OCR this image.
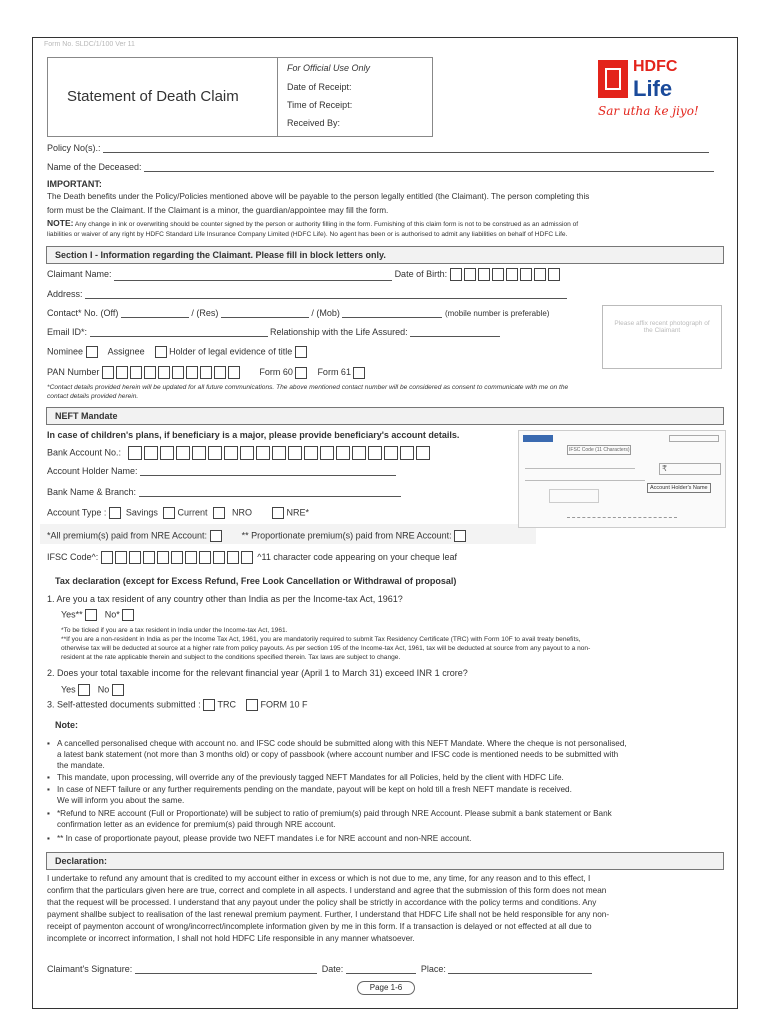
Form No. SLDC/1/100 Ver 11
Statement of Death Claim
For Official Use Only
Date of Receipt:
Time of Receipt:
Received By:
HDFC
Life
Sar utha ke jiyo!
Policy No(s).:
Name of the Deceased:
IMPORTANT:
The Death benefits under the Policy/Policies mentioned above will be payable to the person legally entitled (the Claimant). The person completing this
form must be the Claimant. If the Claimant is a minor, the guardian/appointee may fill the form.
NOTE: Any change in ink or overwriting should be counter signed by the person or authority filling in the form. Furnishing of this claim form is not to be construed as an admission of
liabilities or waiver of any right by HDFC Standard Life Insurance Company Limited (HDFC Life). No agent has been or is authorised to admit any liabilities on behalf of HDFC Life.
Section I - Information regarding the Claimant. Please fill in block letters only.
Claimant Name:	Date of Birth:
Address:
Contact* No. (Off)	/ (Res)	/ (Mob)	(mobile number is preferable)
Email ID*:	Relationship with the Life Assured:
Nominee	Assignee	Holder of legal evidence of title
PAN Number	Form 60	Form 61
*Contact details provided herein will be updated for all future communications. The above mentioned contact number will be considered as consent to communicate with me on the
contact details provided herein.
Please affix recent photograph of the Claimant
NEFT Mandate
In case of children's plans, if beneficiary is a major, please provide beneficiary's account details.
Bank Account No.:
Account Holder Name:
Bank Name & Branch:
Account Type : Savings Current	NRO	NRE*
*All premium(s) paid from NRE Account:	** Proportionate premium(s) paid from NRE Account:
IFSC Code^:	^11 character code appearing on your cheque leaf
IFSC Code (11 Characters)
₹
Account Holder's Name
Tax declaration (except for Excess Refund, Free Look Cancellation or Withdrawal of proposal)
1. Are you a tax resident of any country other than India as per the Income-tax Act, 1961?
Yes** No*
*To be ticked if you are a tax resident in India under the Income-tax Act, 1961.
**If you are a non-resident in India as per the Income Tax Act, 1961, you are mandatorily required to submit Tax Residency Certificate (TRC) with Form 10F to avail treaty benefits,
otherwise tax will be deducted at source at a higher rate from policy payouts. As per section 195 of the Income-tax Act, 1961, tax will be deducted at source from any payout to a non-
resident at the rate applicable therein and subject to the conditions specified therein. Tax laws are subject to change.
2. Does your total taxable income for the relevant financial year (April 1 to March 31) exceed INR 1 crore?
Yes No
3. Self-attested documents submitted : TRC	FORM 10 F
Note:
▪ A cancelled personalised cheque with account no. and IFSC code should be submitted along with this NEFT Mandate. Where the cheque is not personalised,
a latest bank statement (not more than 3 months old) or copy of passbook (where account number and IFSC code is mentioned needs to be submitted with
the mandate.
▪ This mandate, upon processing, will override any of the previously tagged NEFT Mandates for all Policies, held by the client with HDFC Life.
▪ In case of NEFT failure or any further requirements pending on the mandate, payout will be kept on hold till a fresh NEFT mandate is received.
We will inform you about the same.
▪ *Refund to NRE account (Full or Proportionate) will be subject to ratio of premium(s) paid through NRE Account. Please submit a bank statement or Bank
confirmation letter as an evidence for premium(s) paid through NRE account.
▪ ** In case of proportionate payout, please provide two NEFT mandates i.e for NRE account and non-NRE account.
Declaration:
I undertake to refund any amount that is credited to my account either in excess or which is not due to me, any time, for any reason and to this effect, I
confirm that the particulars given here are true, correct and complete in all aspects. I understand and agree that the submission of this form does not mean
that the request will be processed. I understand that any payout under the policy shall be strictly in accordance with the policy terms and conditions. Any
payment shallbe subject to realisation of the last renewal premium payment. Further, I understand that HDFC Life shall not be held responsible for any non-
receipt of paymenton account of wrong/incorrect/incomplete information given by me in this form. If a transaction is delayed or not effected at all due to
incomplete or incorrect information, I shall not hold HDFC Life responsible in any manner whatsoever.
Claimant's Signature:	Date:	Place:
Page 1-6
